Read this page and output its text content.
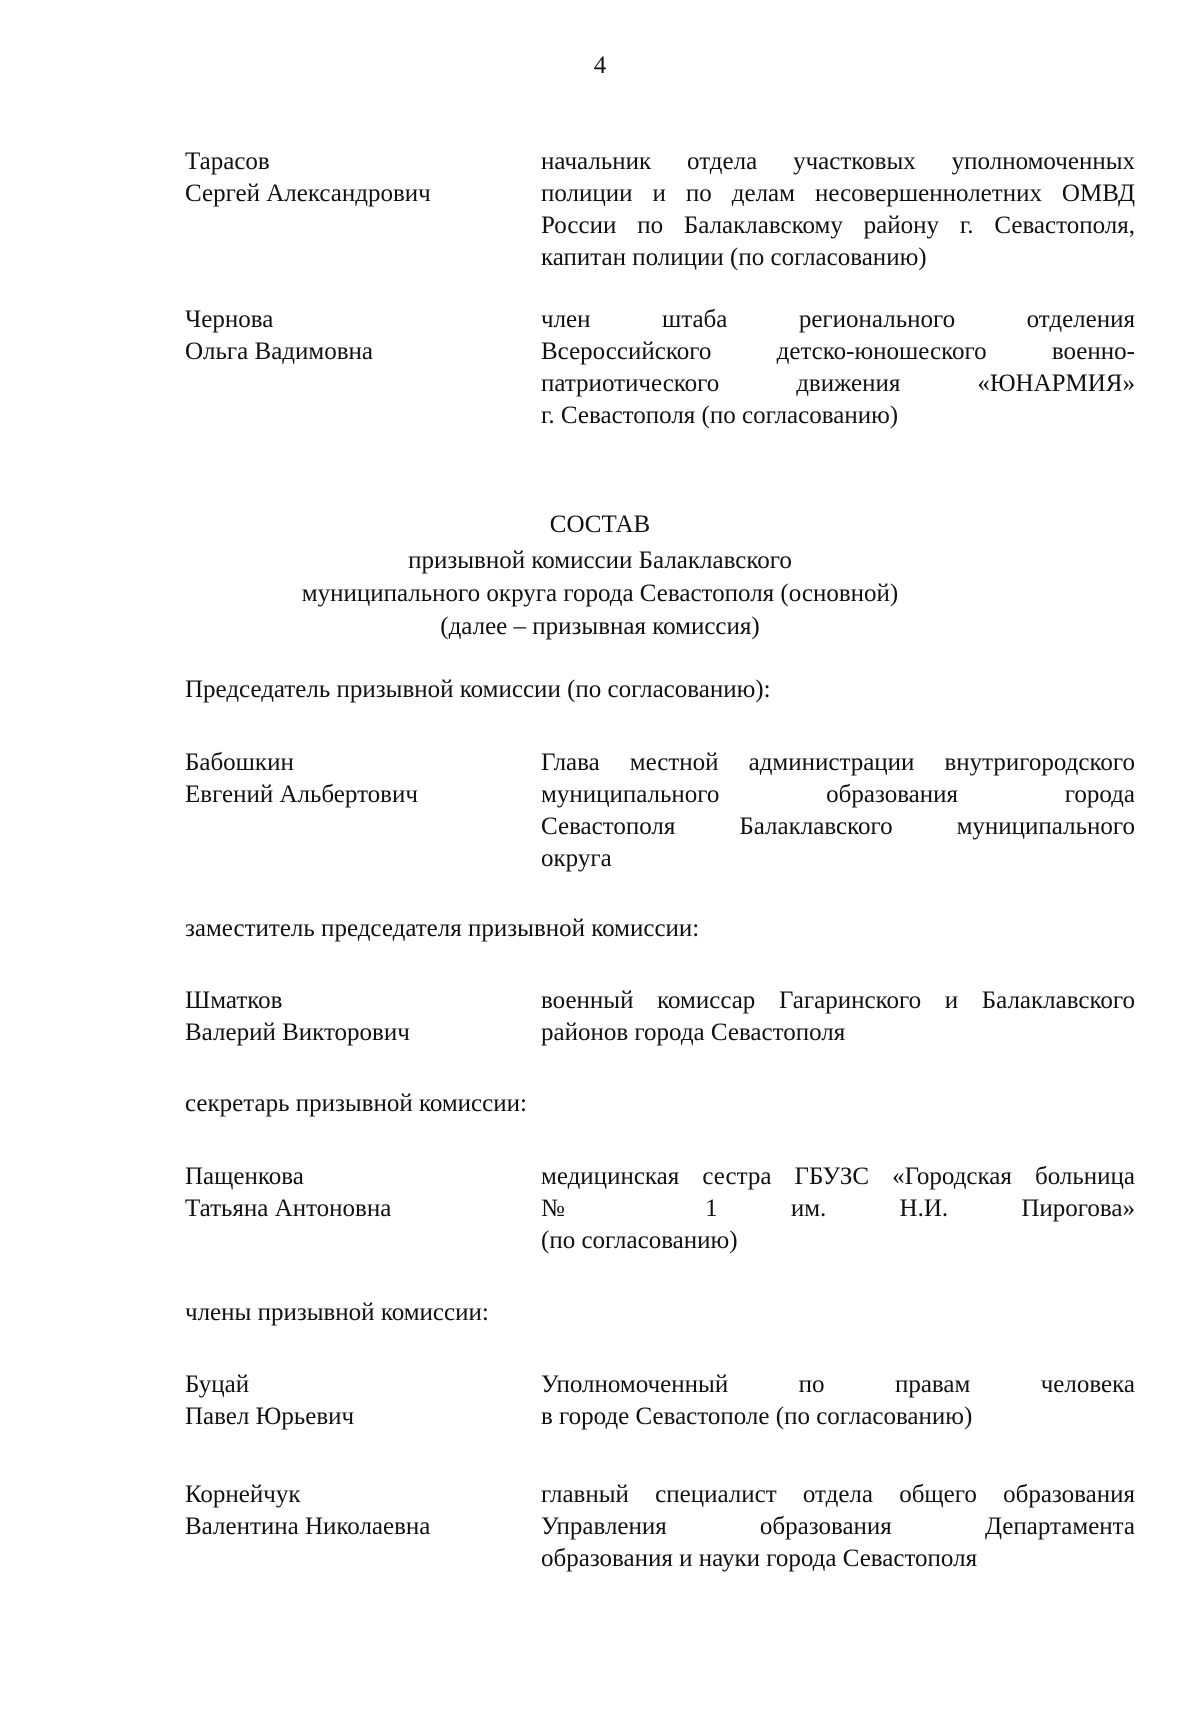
4
Тарасов
Сергей Александрович
начальник отдела участковых уполномоченных
полиции и по делам несовершеннолетних ОМВД
России по Балаклавскому району г. Севастополя,
капитан полиции (по согласованию)
Чернова
Ольга Вадимовна
член штаба регионального отделения
Всероссийского детско-юношеского военно-
патриотического движения «ЮНАРМИЯ»
г. Севастополя (по согласованию)
СОСТАВ
призывной комиссии Балаклавского
муниципального округа города Севастополя (основной)
(далее – призывная комиссия)
Председатель призывной комиссии (по согласованию):
Бабошкин
Евгений Альбертович
Глава местной администрации внутригородского
муниципального образования города
Севастополя Балаклавского муниципального
округа
заместитель председателя призывной комиссии:
Шматков
Валерий Викторович
военный комиссар Гагаринского и Балаклавского
районов города Севастополя
секретарь призывной комиссии:
Пащенкова
Татьяна Антоновна
медицинская сестра ГБУЗС «Городская больница
№ 1 им. Н.И. Пирогова»
(по согласованию)
члены призывной комиссии:
Буцай
Павел Юрьевич
Уполномоченный по правам человека
в городе Севастополе (по согласованию)
Корнейчук
Валентина Николаевна
главный специалист отдела общего образования
Управления образования Департамента
образования и науки города Севастополя
